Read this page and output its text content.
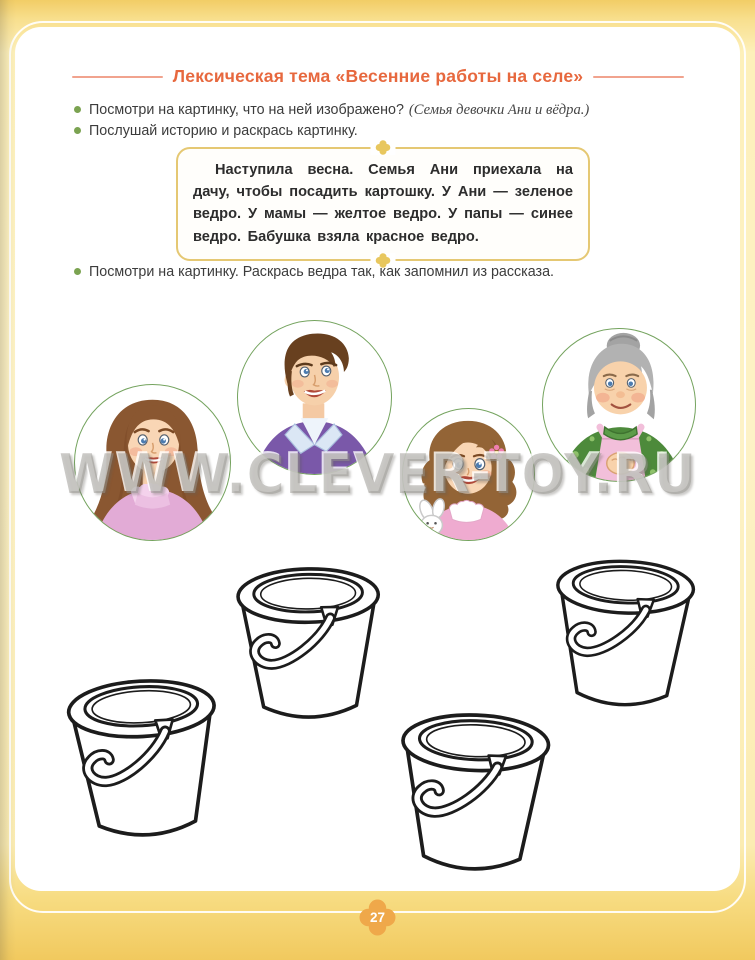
Лексическая тема «Весенние работы на селе»
Посмотри на картинку, что на ней изображено? (Семья девочки Ани и вёдра.)
Послушай историю и раскрась картинку.
Наступила весна. Семья Ани приехала на дачу, чтобы посадить картошку. У Ани — зеленое ведро. У мамы — желтое ведро. У папы — синее ведро. Бабушка взяла красное ведро.
Посмотри на картинку. Раскрась ведра так, как запомнил из рассказа.
WWW.CLEVER-TOY.RU
27
